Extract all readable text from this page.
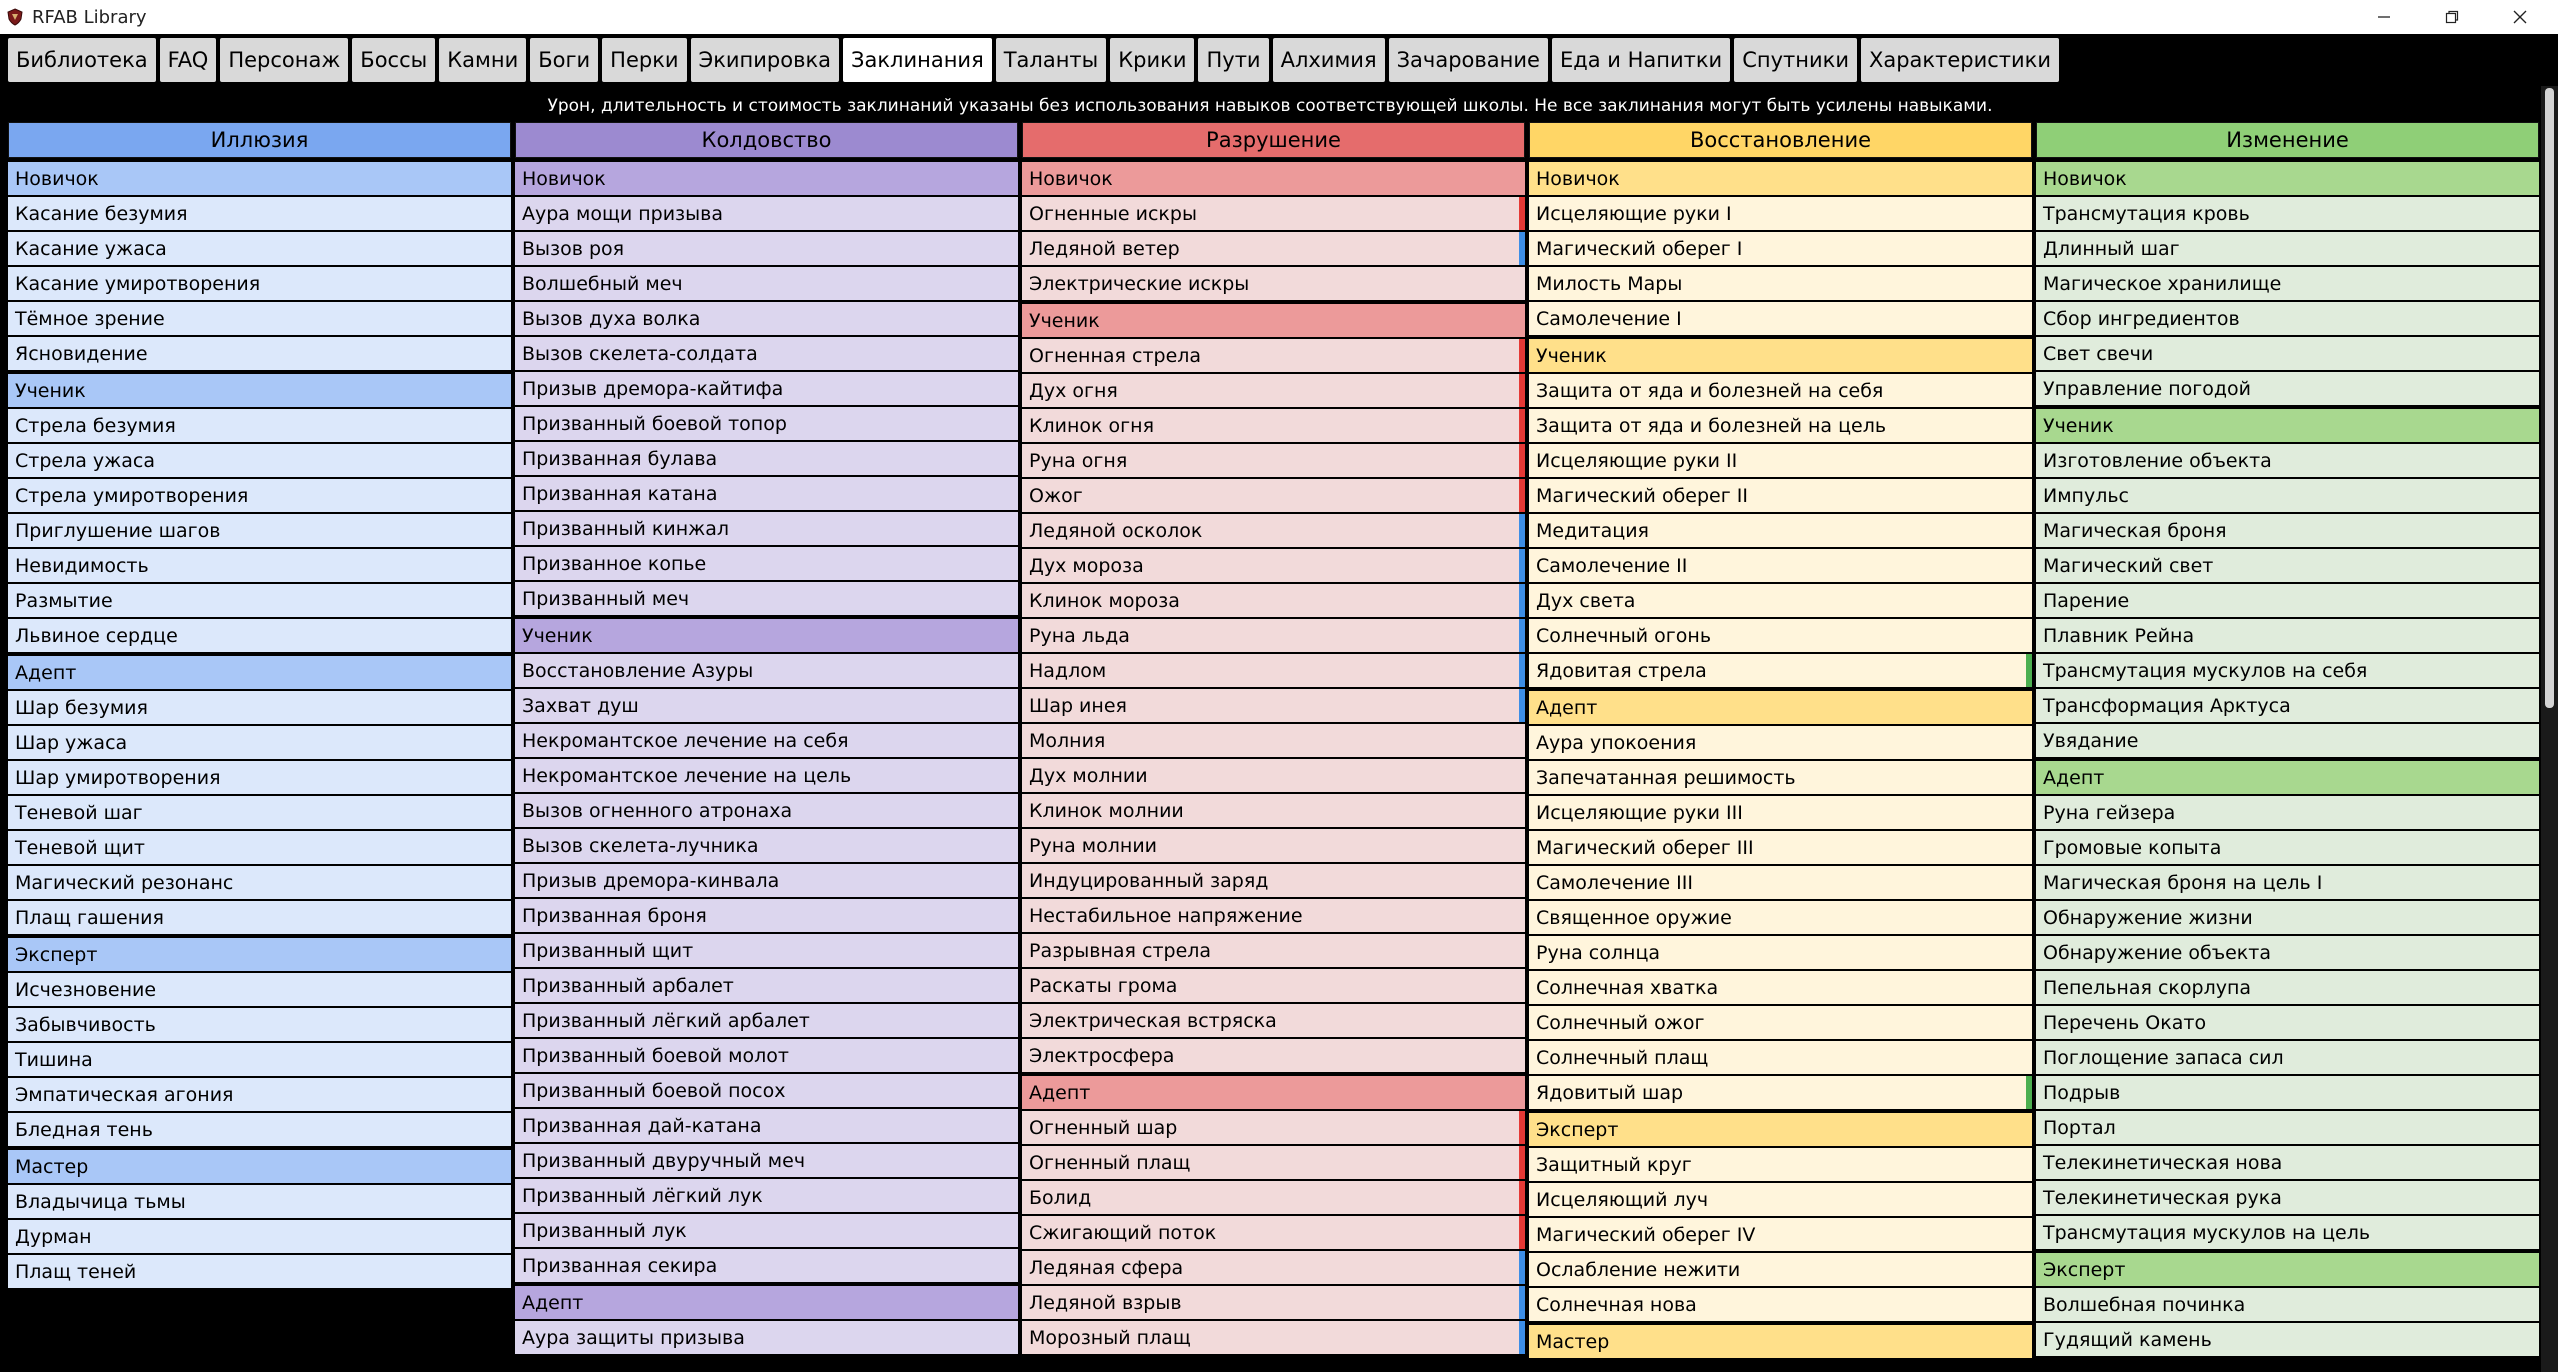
RFAB Library
Библиотека FAQ Персонаж Боссы Камни Боги Перки Экипировка Заклинания Таланты Крики Пути Алхимия Зачарование Еда и Напитки Спутники Характеристики
Урон, длительность и стоимость заклинаний указаны без использования навыков соответствующей школы. Не все заклинания могут быть усилены навыками.
Иллюзия
Новичок
Касание безумия
Касание ужаса
Касание умиротворения
Тёмное зрение
Ясновидение
Ученик
Стрела безумия
Стрела ужаса
Стрела умиротворения
Приглушение шагов
Невидимость
Размытие
Львиное сердце
Адепт
Шар безумия
Шар ужаса
Шар умиротворения
Теневой шаг
Теневой щит
Магический резонанс
Плащ гашения
Эксперт
Исчезновение
Забывчивость
Тишина
Эмпатическая агония
Бледная тень
Мастер
Владычица тьмы
Дурман
Плащ теней
Колдовство
Новичок
Аура мощи призыва
Вызов роя
Волшебный меч
Вызов духа волка
Вызов скелета-солдата
Призыв дремора-кайтифа
Призванный боевой топор
Призванная булава
Призванная катана
Призванный кинжал
Призванное копье
Призванный меч
Ученик
Восстановление Азуры
Захват душ
Некромантское лечение на себя
Некромантское лечение на цель
Вызов огненного атронаха
Вызов скелета-лучника
Призыв дремора-кинвала
Призванная броня
Призванный щит
Призванный арбалет
Призванный лёгкий арбалет
Призванный боевой молот
Призванный боевой посох
Призванная дай-катана
Призванный двуручный меч
Призванный лёгкий лук
Призванный лук
Призванная секира
Адепт
Аура защиты призыва
Разрушение
Новичок
Огненные искры
Ледяной ветер
Электрические искры
Ученик
Огненная стрела
Дух огня
Клинок огня
Руна огня
Ожог
Ледяной осколок
Дух мороза
Клинок мороза
Руна льда
Надлом
Шар инея
Молния
Дух молнии
Клинок молнии
Руна молнии
Индуцированный заряд
Нестабильное напряжение
Разрывная стрела
Раскаты грома
Электрическая встряска
Электросфера
Адепт
Огненный шар
Огненный плащ
Болид
Сжигающий поток
Ледяная сфера
Ледяной взрыв
Морозный плащ
Восстановление
Новичок
Исцеляющие руки I
Магический оберег I
Милость Мары
Самолечение I
Ученик
Защита от яда и болезней на себя
Защита от яда и болезней на цель
Исцеляющие руки II
Магический оберег II
Медитация
Самолечение II
Дух света
Солнечный огонь
Ядовитая стрела
Адепт
Аура упокоения
Запечатанная решимость
Исцеляющие руки III
Магический оберег III
Самолечение III
Священное оружие
Руна солнца
Солнечная хватка
Солнечный ожог
Солнечный плащ
Ядовитый шар
Эксперт
Защитный круг
Исцеляющий луч
Магический оберег IV
Ослабление нежити
Солнечная нова
Мастер
Изменение
Новичок
Трансмутация кровь
Длинный шаг
Магическое хранилище
Сбор ингредиентов
Свет свечи
Управление погодой
Ученик
Изготовление объекта
Импульс
Магическая броня
Магический свет
Парение
Плавник Рейна
Трансмутация мускулов на себя
Трансформация Арктуса
Увядание
Адепт
Руна гейзера
Громовые копыта
Магическая броня на цель I
Обнаружение жизни
Обнаружение объекта
Пепельная скорлупа
Перечень Окато
Поглощение запаса сил
Подрыв
Портал
Телекинетическая нова
Телекинетическая рука
Трансмутация мускулов на цель
Эксперт
Волшебная починка
Гудящий камень
